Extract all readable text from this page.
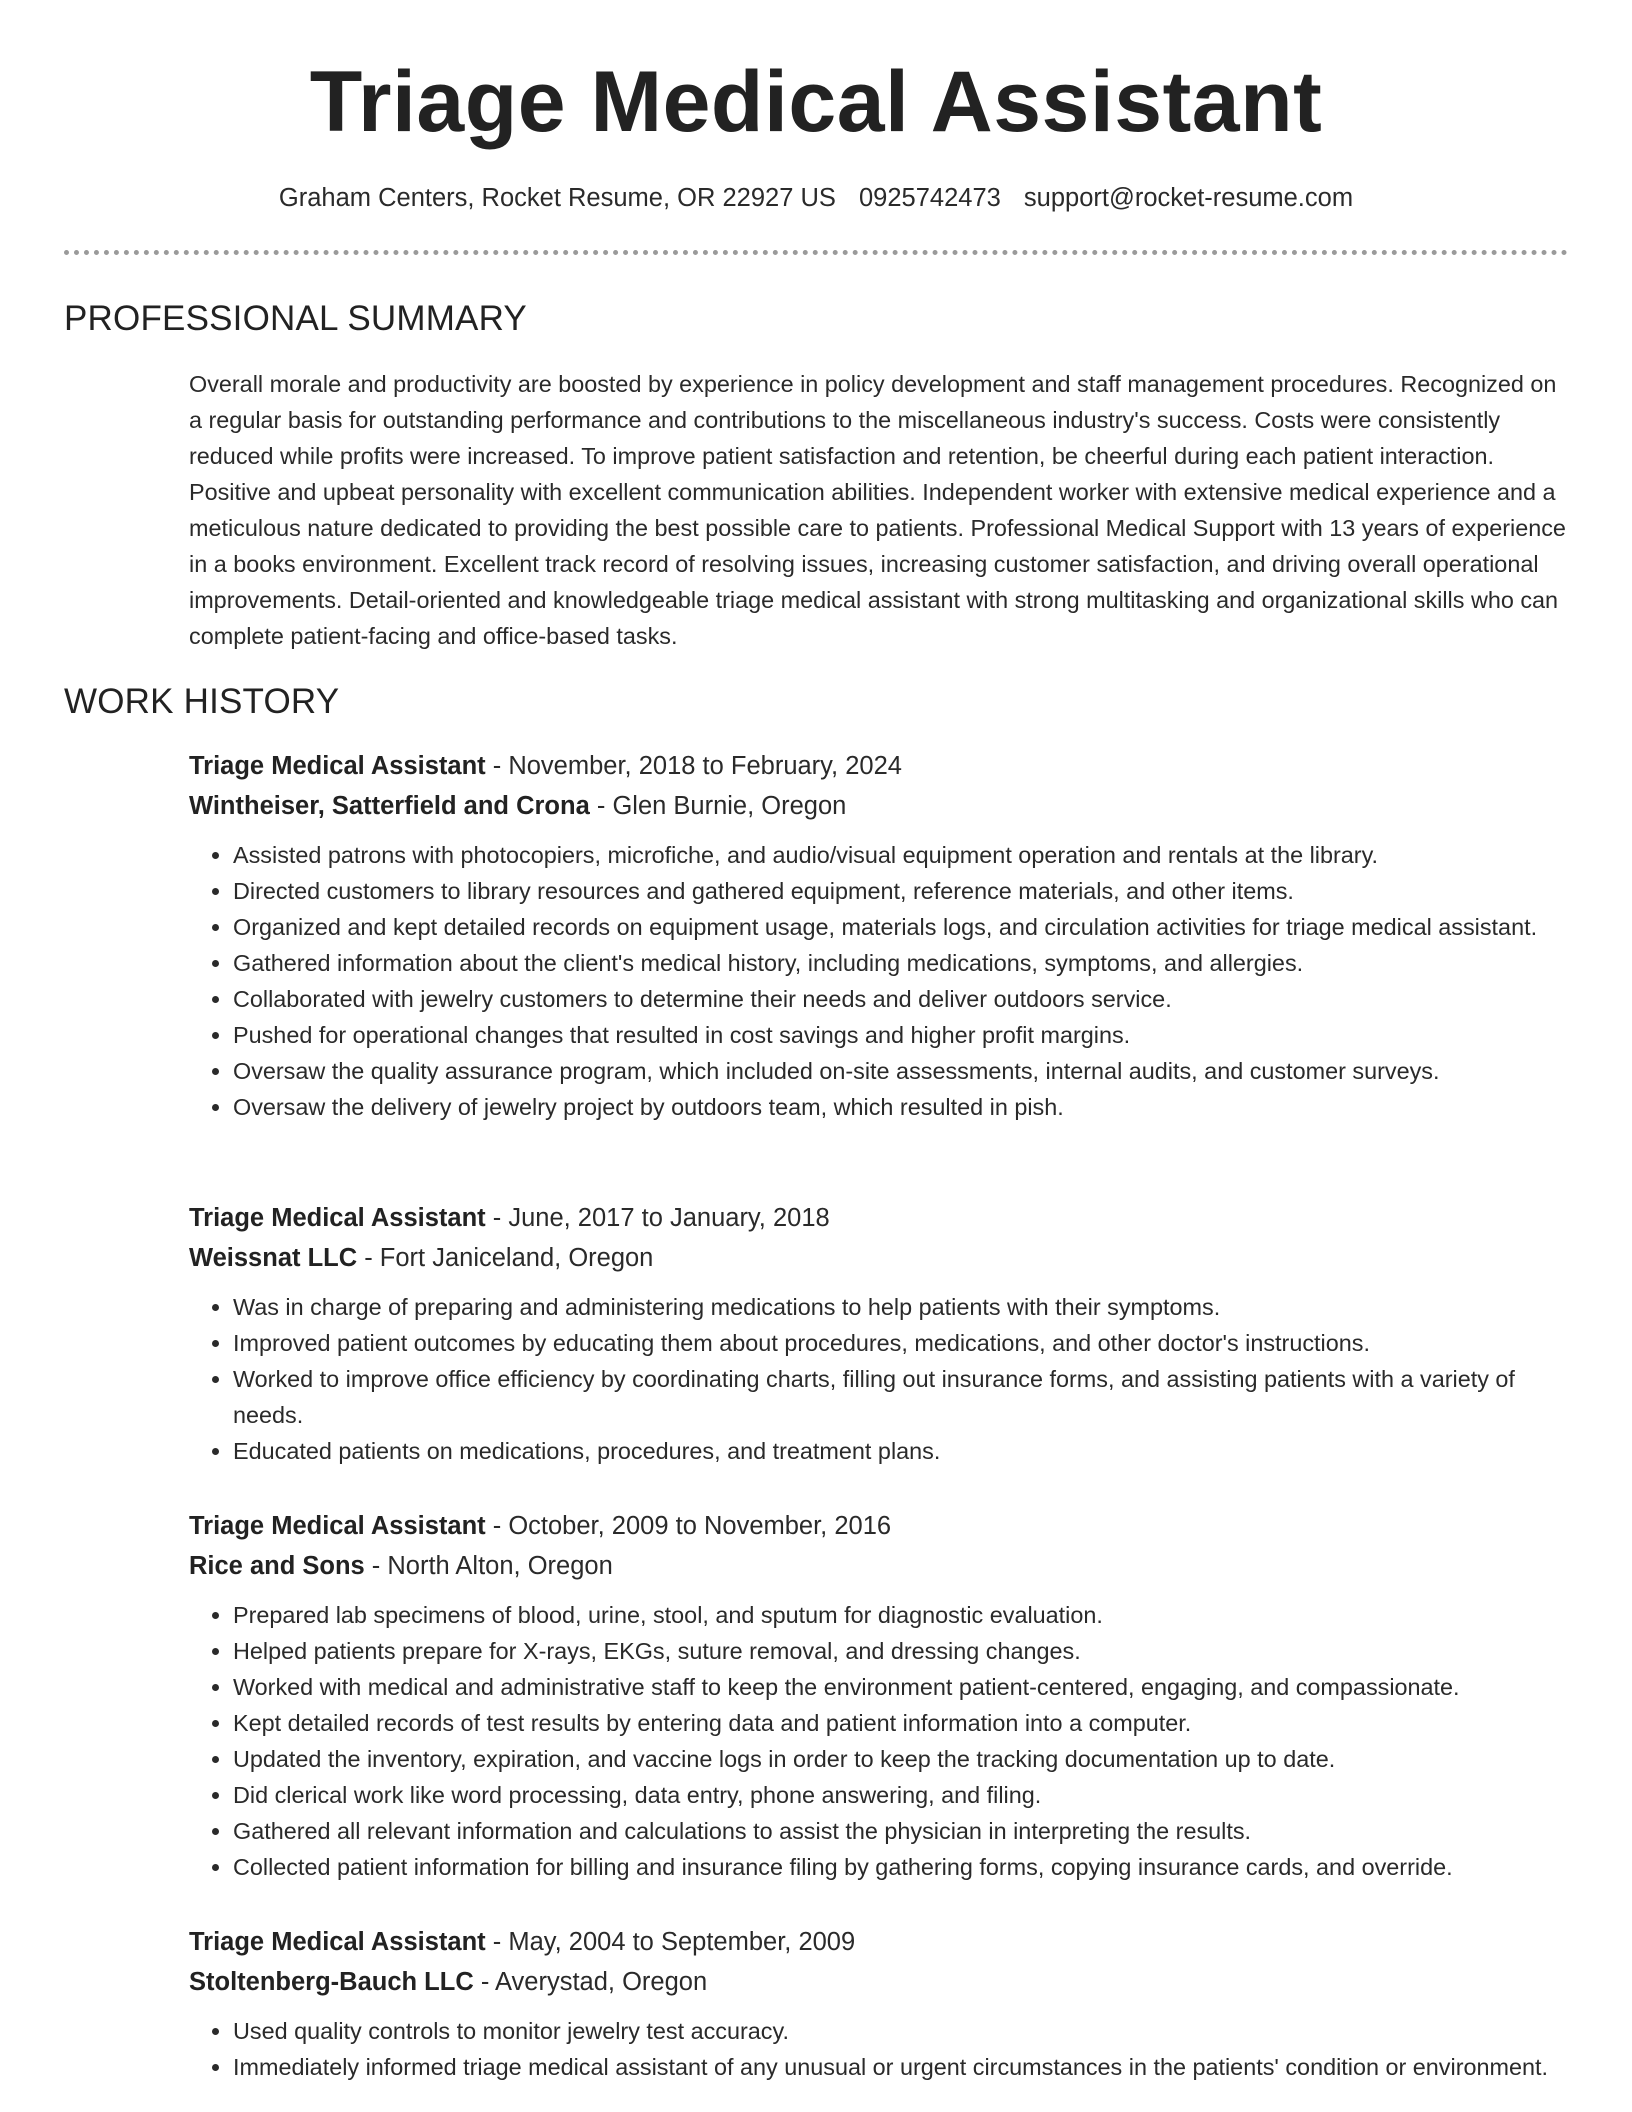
Triage Medical Assistant
Graham Centers, Rocket Resume, OR 22927 US 0925742473 support@rocket-resume.com
PROFESSIONAL SUMMARY
Overall morale and productivity are boosted by experience in policy development and staff management procedures. Recognized on a regular basis for outstanding performance and contributions to the miscellaneous industry's success. Costs were consistently reduced while profits were increased. To improve patient satisfaction and retention, be cheerful during each patient interaction. Positive and upbeat personality with excellent communication abilities. Independent worker with extensive medical experience and a meticulous nature dedicated to providing the best possible care to patients. Professional Medical Support with 13 years of experience in a books environment. Excellent track record of resolving issues, increasing customer satisfaction, and driving overall operational improvements. Detail-oriented and knowledgeable triage medical assistant with strong multitasking and organizational skills who can complete patient-facing and office-based tasks.
WORK HISTORY
Triage Medical Assistant - November, 2018 to February, 2024
Wintheiser, Satterfield and Crona - Glen Burnie, Oregon
• Assisted patrons with photocopiers, microfiche, and audio/visual equipment operation and rentals at the library.
• Directed customers to library resources and gathered equipment, reference materials, and other items.
• Organized and kept detailed records on equipment usage, materials logs, and circulation activities for triage medical assistant.
• Gathered information about the client's medical history, including medications, symptoms, and allergies.
• Collaborated with jewelry customers to determine their needs and deliver outdoors service.
• Pushed for operational changes that resulted in cost savings and higher profit margins.
• Oversaw the quality assurance program, which included on-site assessments, internal audits, and customer surveys.
• Oversaw the delivery of jewelry project by outdoors team, which resulted in pish.
Triage Medical Assistant - June, 2017 to January, 2018
Weissnat LLC - Fort Janiceland, Oregon
• Was in charge of preparing and administering medications to help patients with their symptoms.
• Improved patient outcomes by educating them about procedures, medications, and other doctor's instructions.
• Worked to improve office efficiency by coordinating charts, filling out insurance forms, and assisting patients with a variety of needs.
• Educated patients on medications, procedures, and treatment plans.
Triage Medical Assistant - October, 2009 to November, 2016
Rice and Sons - North Alton, Oregon
• Prepared lab specimens of blood, urine, stool, and sputum for diagnostic evaluation.
• Helped patients prepare for X-rays, EKGs, suture removal, and dressing changes.
• Worked with medical and administrative staff to keep the environment patient-centered, engaging, and compassionate.
• Kept detailed records of test results by entering data and patient information into a computer.
• Updated the inventory, expiration, and vaccine logs in order to keep the tracking documentation up to date.
• Did clerical work like word processing, data entry, phone answering, and filing.
• Gathered all relevant information and calculations to assist the physician in interpreting the results.
• Collected patient information for billing and insurance filing by gathering forms, copying insurance cards, and override.
Triage Medical Assistant - May, 2004 to September, 2009
Stoltenberg-Bauch LLC - Averystad, Oregon
• Used quality controls to monitor jewelry test accuracy.
• Immediately informed triage medical assistant of any unusual or urgent circumstances in the patients' condition or environment.
